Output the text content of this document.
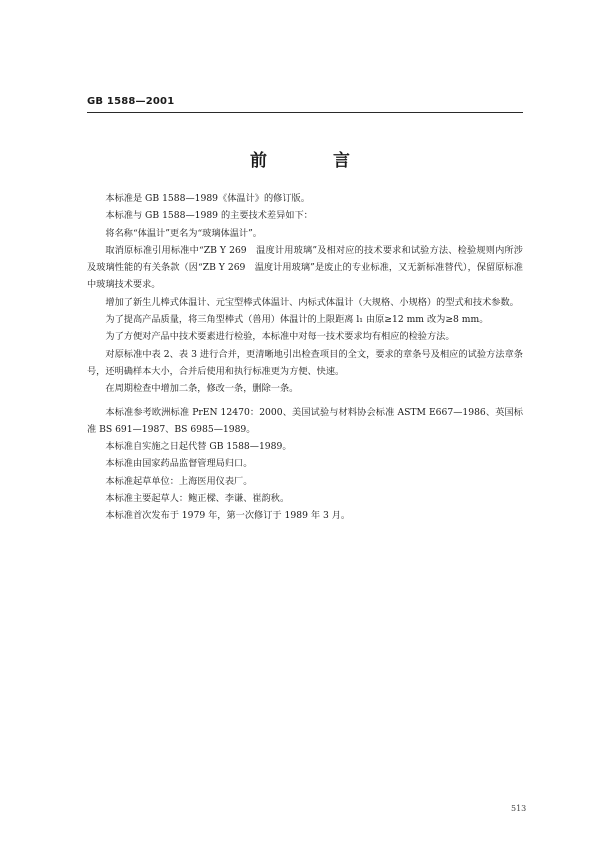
GB 1588—2001
前 言

本标准是 GB 1588—1989《体温计》的修订版。

本标准与 GB 1588—1989 的主要技术差异如下：

将名称“体温计”更名为“玻璃体温计”。

取消原标准引用标准中“ZB Y 269　温度计用玻璃”及相对应的技术要求和试验方法、检验规则内所涉及玻璃性能的有关条款（因“ZB Y 269　温度计用玻璃”是废止的专业标准，又无新标准替代），保留原标准中玻璃技术要求。

增加了新生儿棒式体温计、元宝型棒式体温计、内标式体温计（大规格、小规格）的型式和技术参数。

为了提高产品质量，将三角型棒式（兽用）体温计的上限距离 l₁ 由原≥12 mm 改为≥8 mm。

为了方便对产品中技术要素进行检验，本标准中对每一技术要求均有相应的检验方法。

对原标准中表 2、表 3 进行合并，更清晰地引出检查项目的全文，要求的章条号及相应的试验方法章条号，还明确样本大小，合并后使用和执行标准更为方便、快速。

在周期检查中增加二条，修改一条，删除一条。

本标准参考欧洲标准 PrEN 12470：2000、美国试验与材料协会标准 ASTM E667—1986、英国标准 BS 691—1987、BS 6985—1989。

本标准自实施之日起代替 GB 1588—1989。

本标准由国家药品监督管理局归口。

本标准起草单位：上海医用仪表厂。

本标准主要起草人：鲍正樑、李谦、崔韵秋。

本标准首次发布于 1979 年，第一次修订于 1989 年 3 月。

513
